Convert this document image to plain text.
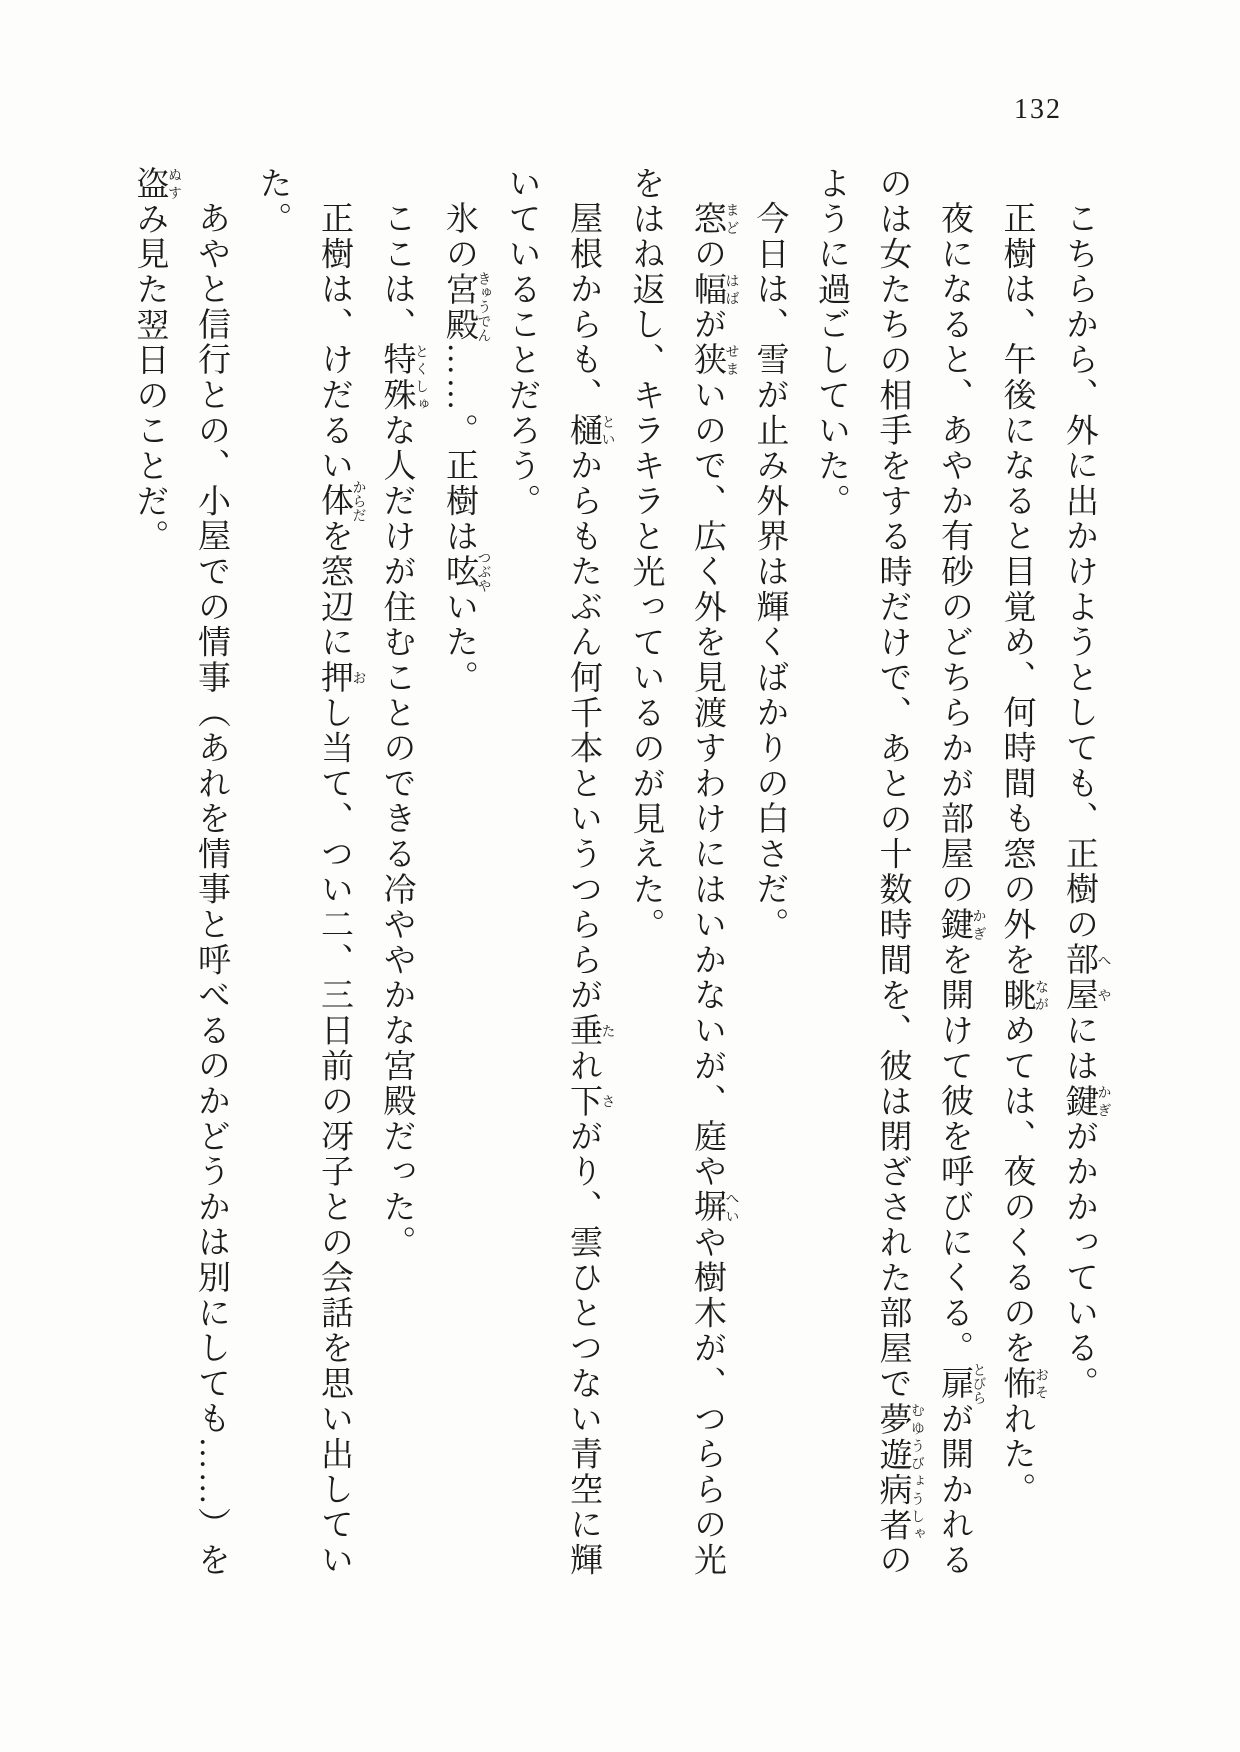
132

こちらから、外に出かけようとしても、正樹の部屋へやには鍵かぎがかかっている。

正樹は、午後になると目覚め、何時間も窓の外を眺ながめては、夜のくるのを怖おそれた。

夜になると、あやか有砂のどちらかが部屋の鍵かぎを開けて彼を呼びにくる。扉とびらが開かれるのは女たちの相手をする時だけで、あとの十数時間を、彼は閉ざされた部屋で夢遊病者むゆうびょうしゃのように過ごしていた。

今日は、雪が止み外界は輝くばかりの白さだ。

窓まどの幅はばが狭せまいので、広く外を見渡すわけにはいかないが、庭や塀へいや樹木が、つららの光をはね返し、キラキラと光っているのが見えた。

屋根からも、樋といからもたぶん何千本というつららが垂たれ下さがり、雲ひとつない青空に輝いていることだろう。

氷の宮殿きゅうでん……。正樹は呟つぶやいた。

ここは、特殊とくしゅな人だけが住むことのできる冷ややかな宮殿だった。

正樹は、けだるい体からだを窓辺に押おし当て、つい二、三日前の冴子との会話を思い出していた。

あやと信行との、小屋での情事（あれを情事と呼べるのかどうかは別にしても……）を盗ぬすみ見た翌日のことだ。
